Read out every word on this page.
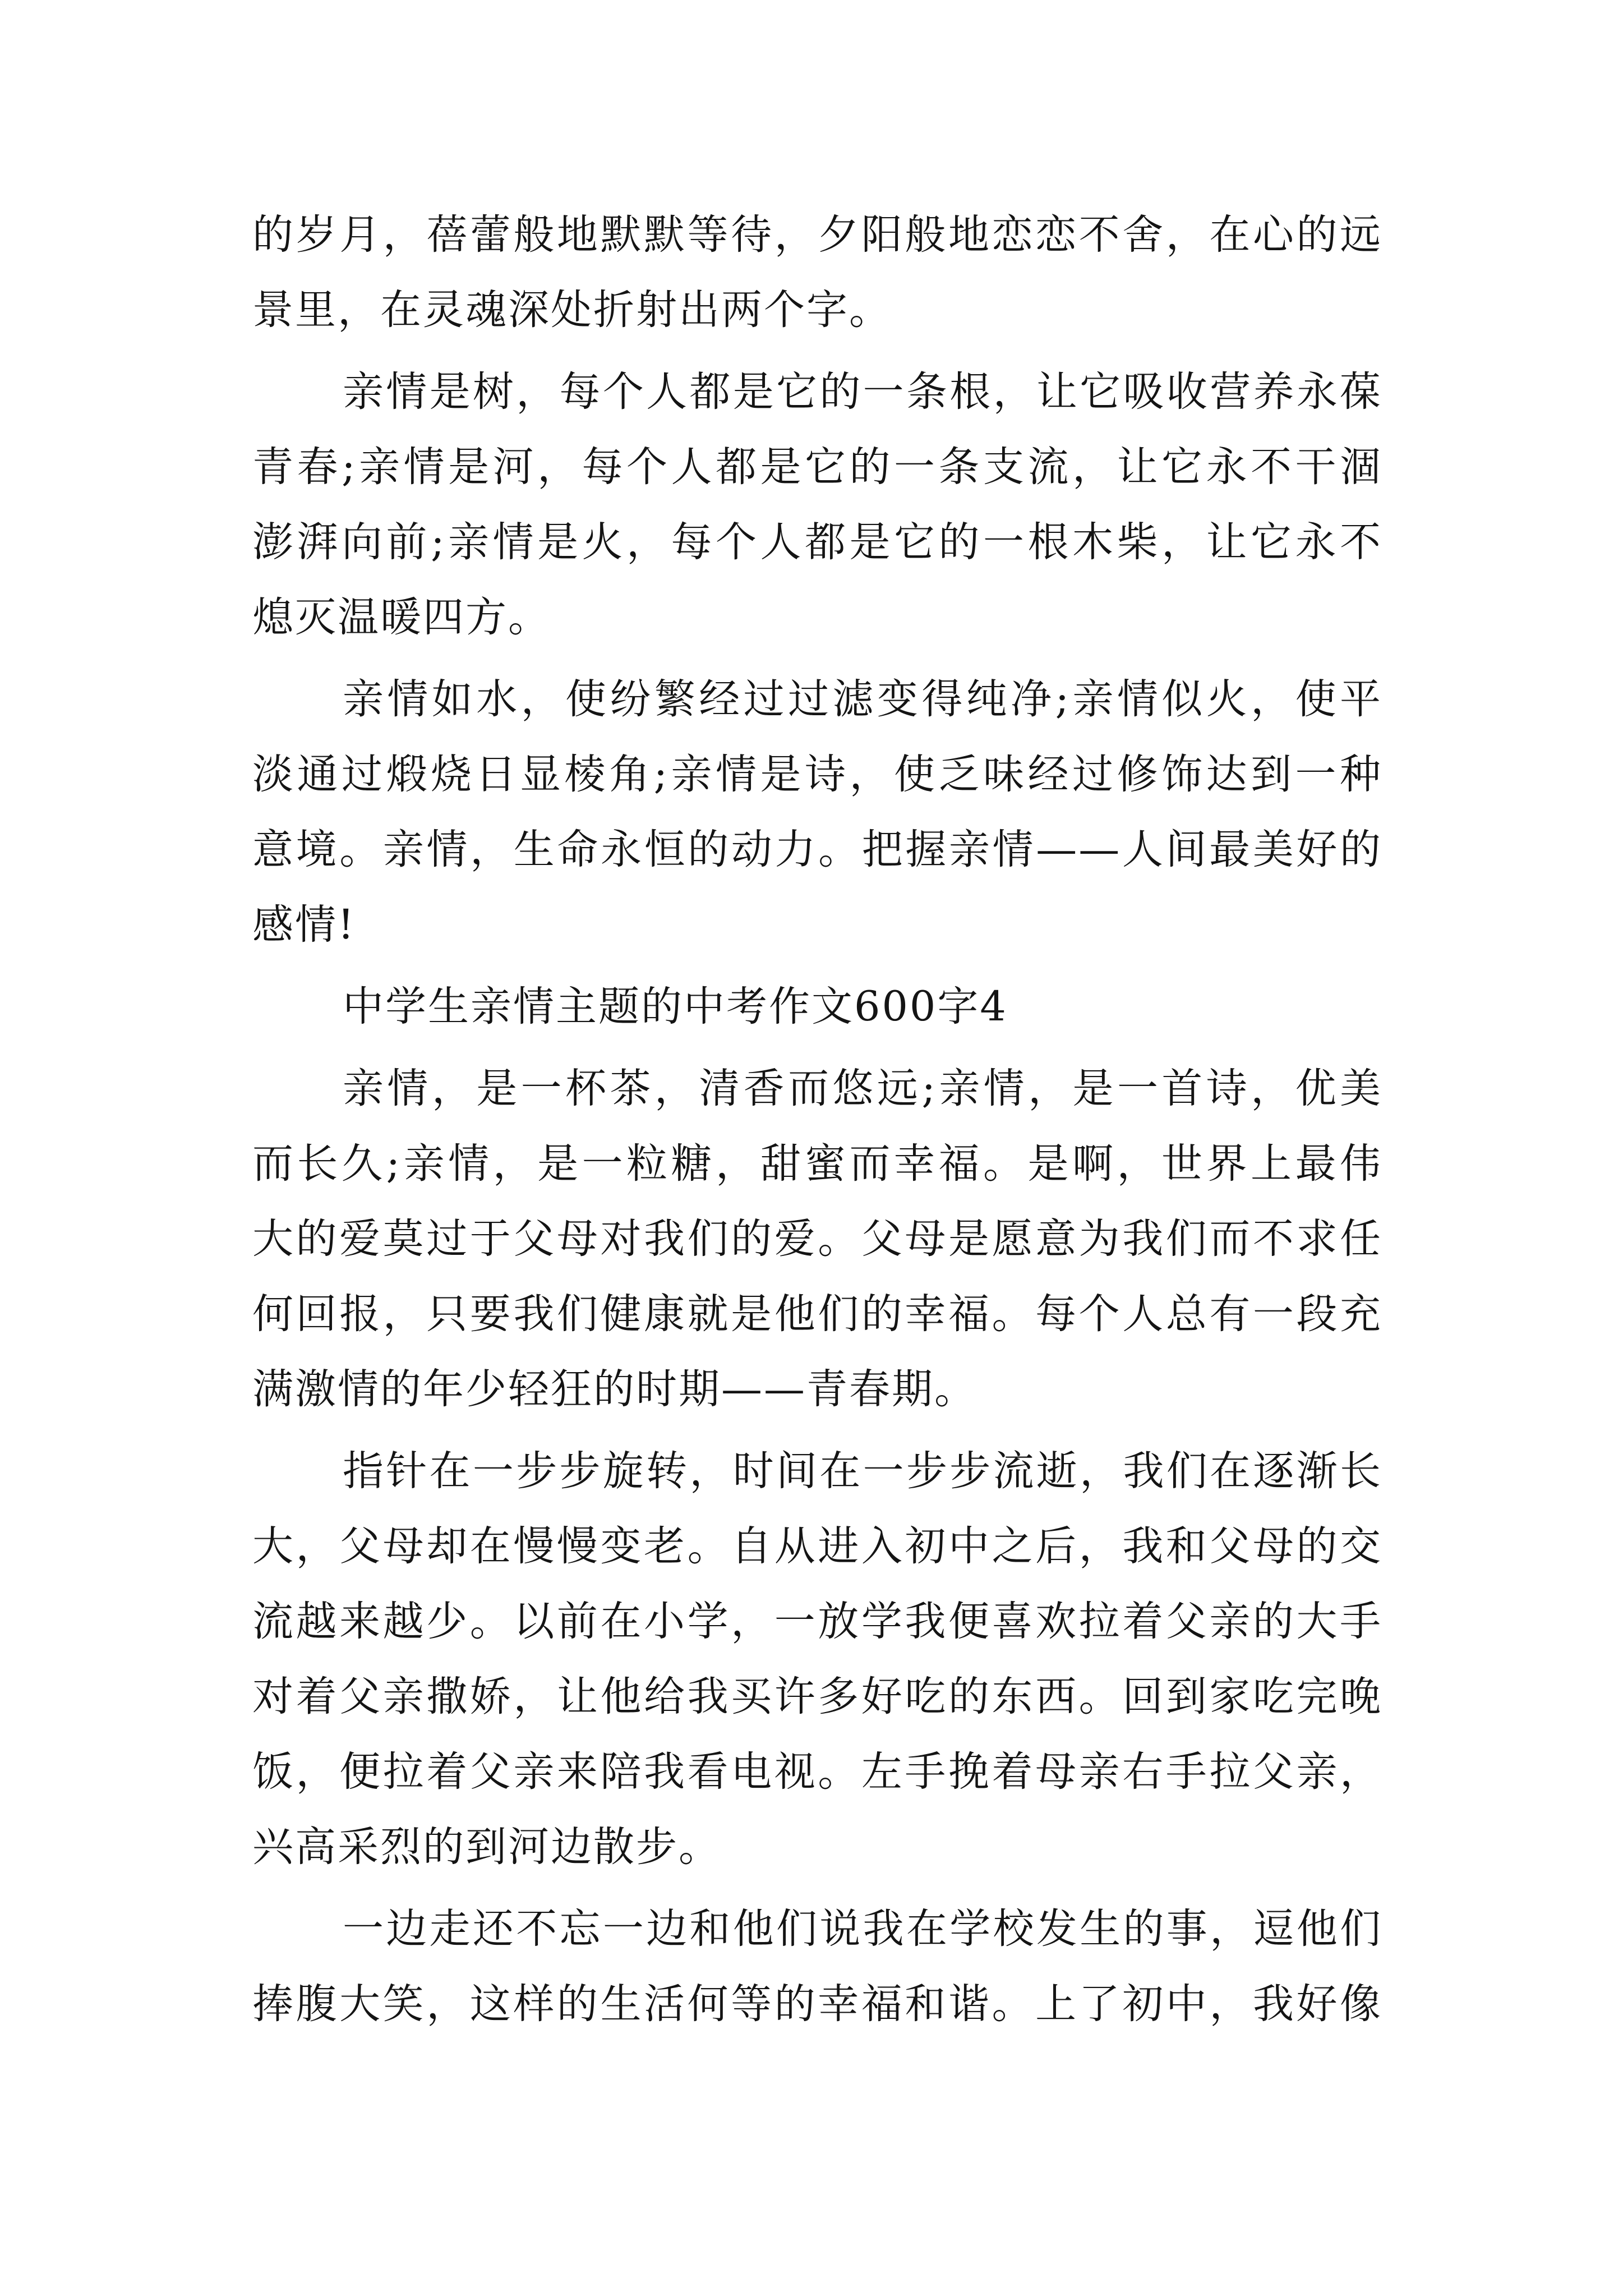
的岁月，蓓蕾般地默默等待，夕阳般地恋恋不舍，在心的远
景里，在灵魂深处折射出两个字。
亲情是树，每个人都是它的一条根，让它吸收营养永葆
青春;亲情是河，每个人都是它的一条支流，让它永不干涸
澎湃向前;亲情是火，每个人都是它的一根木柴，让它永不
熄灭温暖四方。
亲情如水，使纷繁经过过滤变得纯净;亲情似火，使平
淡通过煅烧日显棱角;亲情是诗，使乏味经过修饰达到一种
意境。亲情，生命永恒的动力。把握亲情——人间最美好的
感情!
中学生亲情主题的中考作文600字4
亲情，是一杯茶，清香而悠远;亲情，是一首诗，优美
而长久;亲情，是一粒糖，甜蜜而幸福。是啊，世界上最伟
大的爱莫过于父母对我们的爱。父母是愿意为我们而不求任
何回报，只要我们健康就是他们的幸福。每个人总有一段充
满激情的年少轻狂的时期——青春期。
指针在一步步旋转，时间在一步步流逝，我们在逐渐长
大，父母却在慢慢变老。自从进入初中之后，我和父母的交
流越来越少。以前在小学，一放学我便喜欢拉着父亲的大手
对着父亲撒娇，让他给我买许多好吃的东西。回到家吃完晚
饭，便拉着父亲来陪我看电视。左手挽着母亲右手拉父亲，
兴高采烈的到河边散步。
一边走还不忘一边和他们说我在学校发生的事，逗他们
捧腹大笑，这样的生活何等的幸福和谐。上了初中，我好像
